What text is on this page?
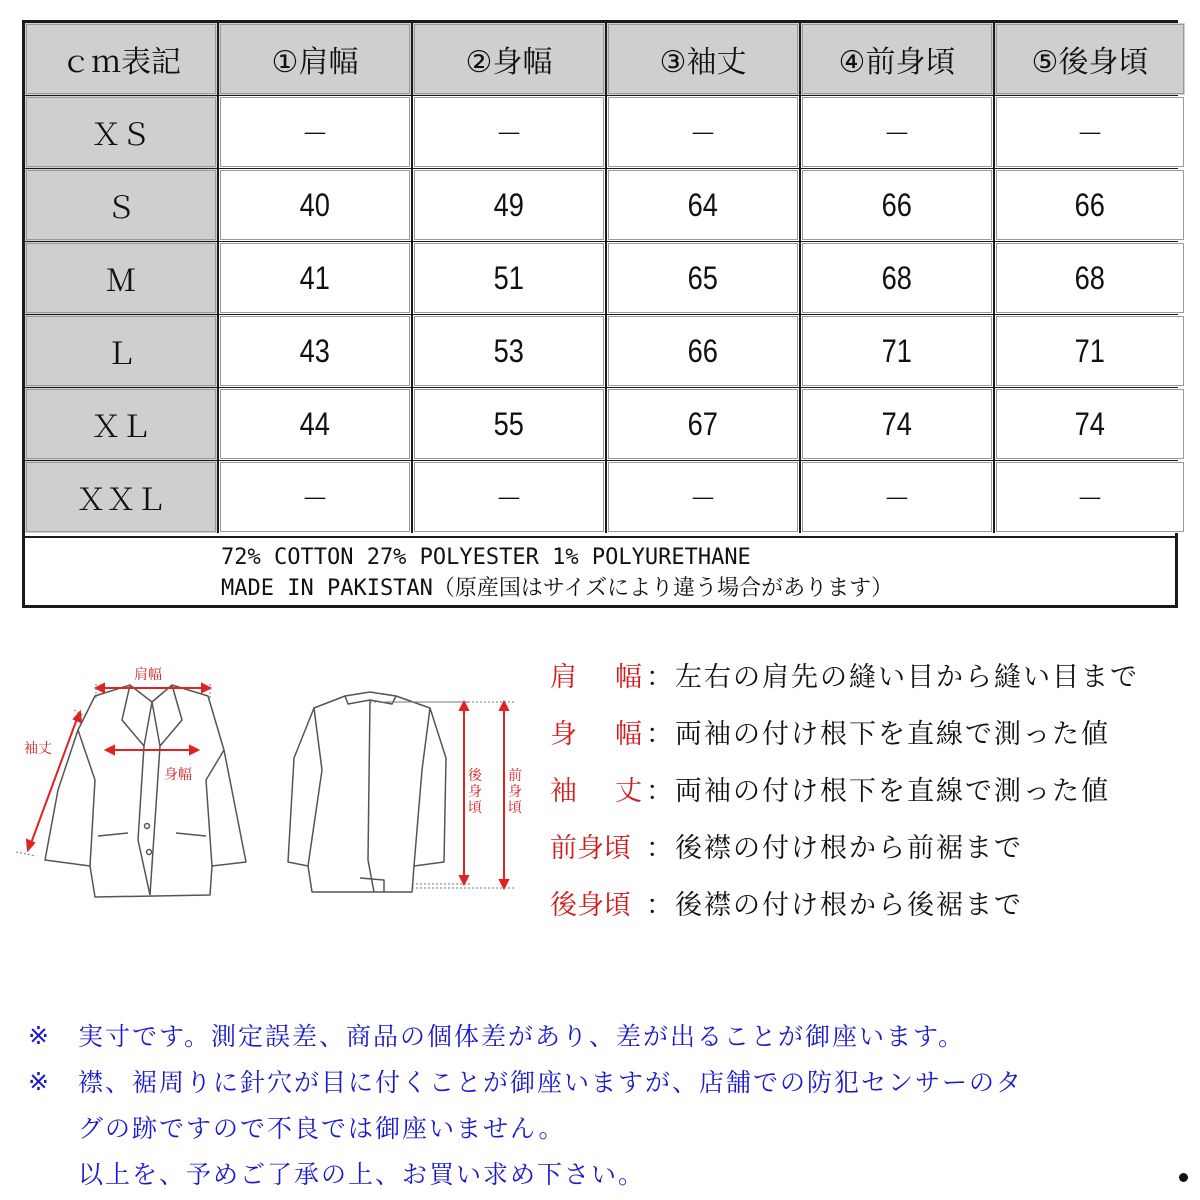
ｃｍ表記	①肩幅	②身幅	③袖丈	④前身頃	⑤後身頃
ＸＳ	－	－	－	－	－
Ｓ	40	49	64	66	66
Ｍ	41	51	65	68	68
Ｌ	43	53	66	71	71
ＸＬ	44	55	67	74	74
ＸＸＬ	－	－	－	－	－
72% COTTON 27% POLYESTER 1% POLYURETHANE
MADE IN PAKISTAN（原産国はサイズにより違う場合があります）
肩幅
袖丈
身幅	後身頃
前身頃
肩 幅 ： 左右の肩先の縫い目から縫い目まで
身 幅 ： 両袖の付け根下を直線で測った値
袖 丈 ： 両袖の付け根下を直線で測った値
前身頃 ： 後襟の付け根から前裾まで
後身頃 ： 後襟の付け根から後裾まで
※	実寸です。測定誤差、商品の個体差があり、差が出ることが御座います。
※	襟、裾周りに針穴が目に付くことが御座いますが、店舗での防犯センサーのタ
グの跡ですので不良では御座いません。
以上を、予めご了承の上、お買い求め下さい。
